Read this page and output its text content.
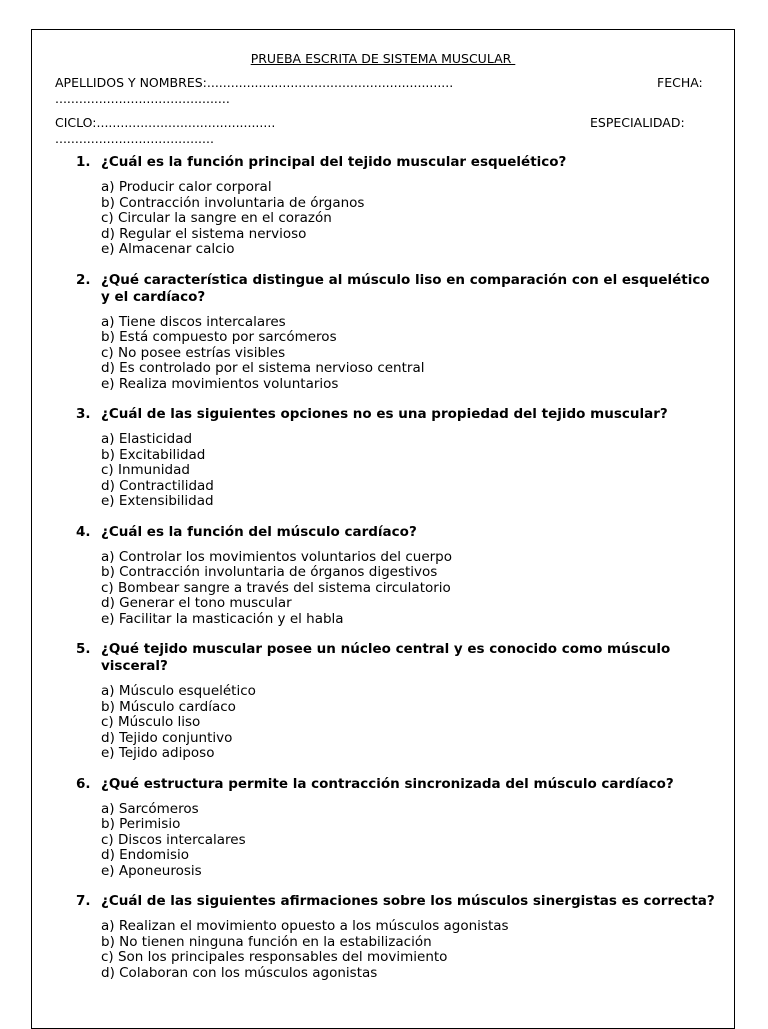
PRUEBA ESCRITA DE SISTEMA MUSCULAR
APELLIDOS Y NOMBRES:..............................................................	FECHA:
............................................
CICLO:.............................................	ESPECIALIDAD:
........................................
1. ¿Cuál es la función principal del tejido muscular esquelético?

a) Producir calor corporal
b) Contracción involuntaria de órganos
c) Circular la sangre en el corazón
d) Regular el sistema nervioso
e) Almacenar calcio
2. ¿Qué característica distingue al músculo liso en comparación con el esquelético y el cardíaco?

a) Tiene discos intercalares
b) Está compuesto por sarcómeros
c) No posee estrías visibles
d) Es controlado por el sistema nervioso central
e) Realiza movimientos voluntarios
3. ¿Cuál de las siguientes opciones no es una propiedad del tejido muscular?

a) Elasticidad
b) Excitabilidad
c) Inmunidad
d) Contractilidad
e) Extensibilidad
4. ¿Cuál es la función del músculo cardíaco?

a) Controlar los movimientos voluntarios del cuerpo
b) Contracción involuntaria de órganos digestivos
c) Bombear sangre a través del sistema circulatorio
d) Generar el tono muscular
e) Facilitar la masticación y el habla
5. ¿Qué tejido muscular posee un núcleo central y es conocido como músculo visceral?

a) Músculo esquelético
b) Músculo cardíaco
c) Músculo liso
d) Tejido conjuntivo
e) Tejido adiposo
6. ¿Qué estructura permite la contracción sincronizada del músculo cardíaco?

a) Sarcómeros
b) Perimisio
c) Discos intercalares
d) Endomisio
e) Aponeurosis
7. ¿Cuál de las siguientes afirmaciones sobre los músculos sinergistas es correcta?

a) Realizan el movimiento opuesto a los músculos agonistas
b) No tienen ninguna función en la estabilización
c) Son los principales responsables del movimiento
d) Colaboran con los músculos agonistas
